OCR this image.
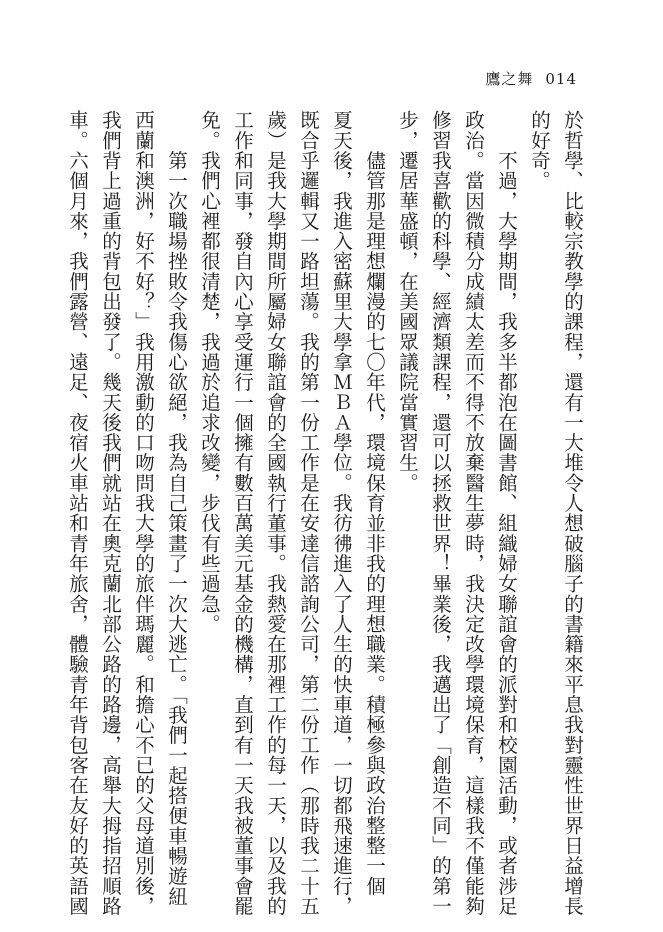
鷹之舞 014
於哲學、比較宗教學的課程，還有一大堆令人想破腦子的書籍來平息我對靈性世界日益增長
的好奇。
　　不過，大學期間，我多半都泡在圖書館、組織婦女聯誼會的派對和校園活動，或者涉足
政治。當因微積分成績太差而不得不放棄醫生夢時，我決定改學環境保育，這樣我不僅能夠
修習我喜歡的科學、經濟類課程，還可以拯救世界！畢業後，我邁出了「創造不同」的第一
步，遷居華盛頓，在美國眾議院當實習生。
　　儘管那是理想爛漫的七〇年代，環境保育並非我的理想職業。積極參與政治整整一個
夏天後，我進入密蘇里大學拿ＭＢＡ學位。我彷彿進入了人生的快車道，一切都飛速進行，
既合乎邏輯又一路坦蕩。我的第一份工作是在安達信諮詢公司，第二份工作（那時我二十五
歲）是我大學期間所屬婦女聯誼會的全國執行董事。我熱愛在那裡工作的每一天，以及我的
工作和同事，發自內心享受運行一個擁有數百萬美元基金的機構，直到有一天我被董事會罷
免。我們心裡都很清楚，我過於追求改變，步伐有些過急。
　　第一次職場挫敗令我傷心欲絕，我為自己策畫了一次大逃亡。「我們一起搭便車暢遊紐
西蘭和澳洲，好不好？」我用激動的口吻問我大學的旅伴瑪麗。和擔心不已的父母道別後，
我們背上過重的背包出發了。幾天後我們就站在奧克蘭北部公路的路邊，高舉大拇指招順路
車。六個月來，我們露營、遠足、夜宿火車站和青年旅舍，體驗青年背包客在友好的英語國
